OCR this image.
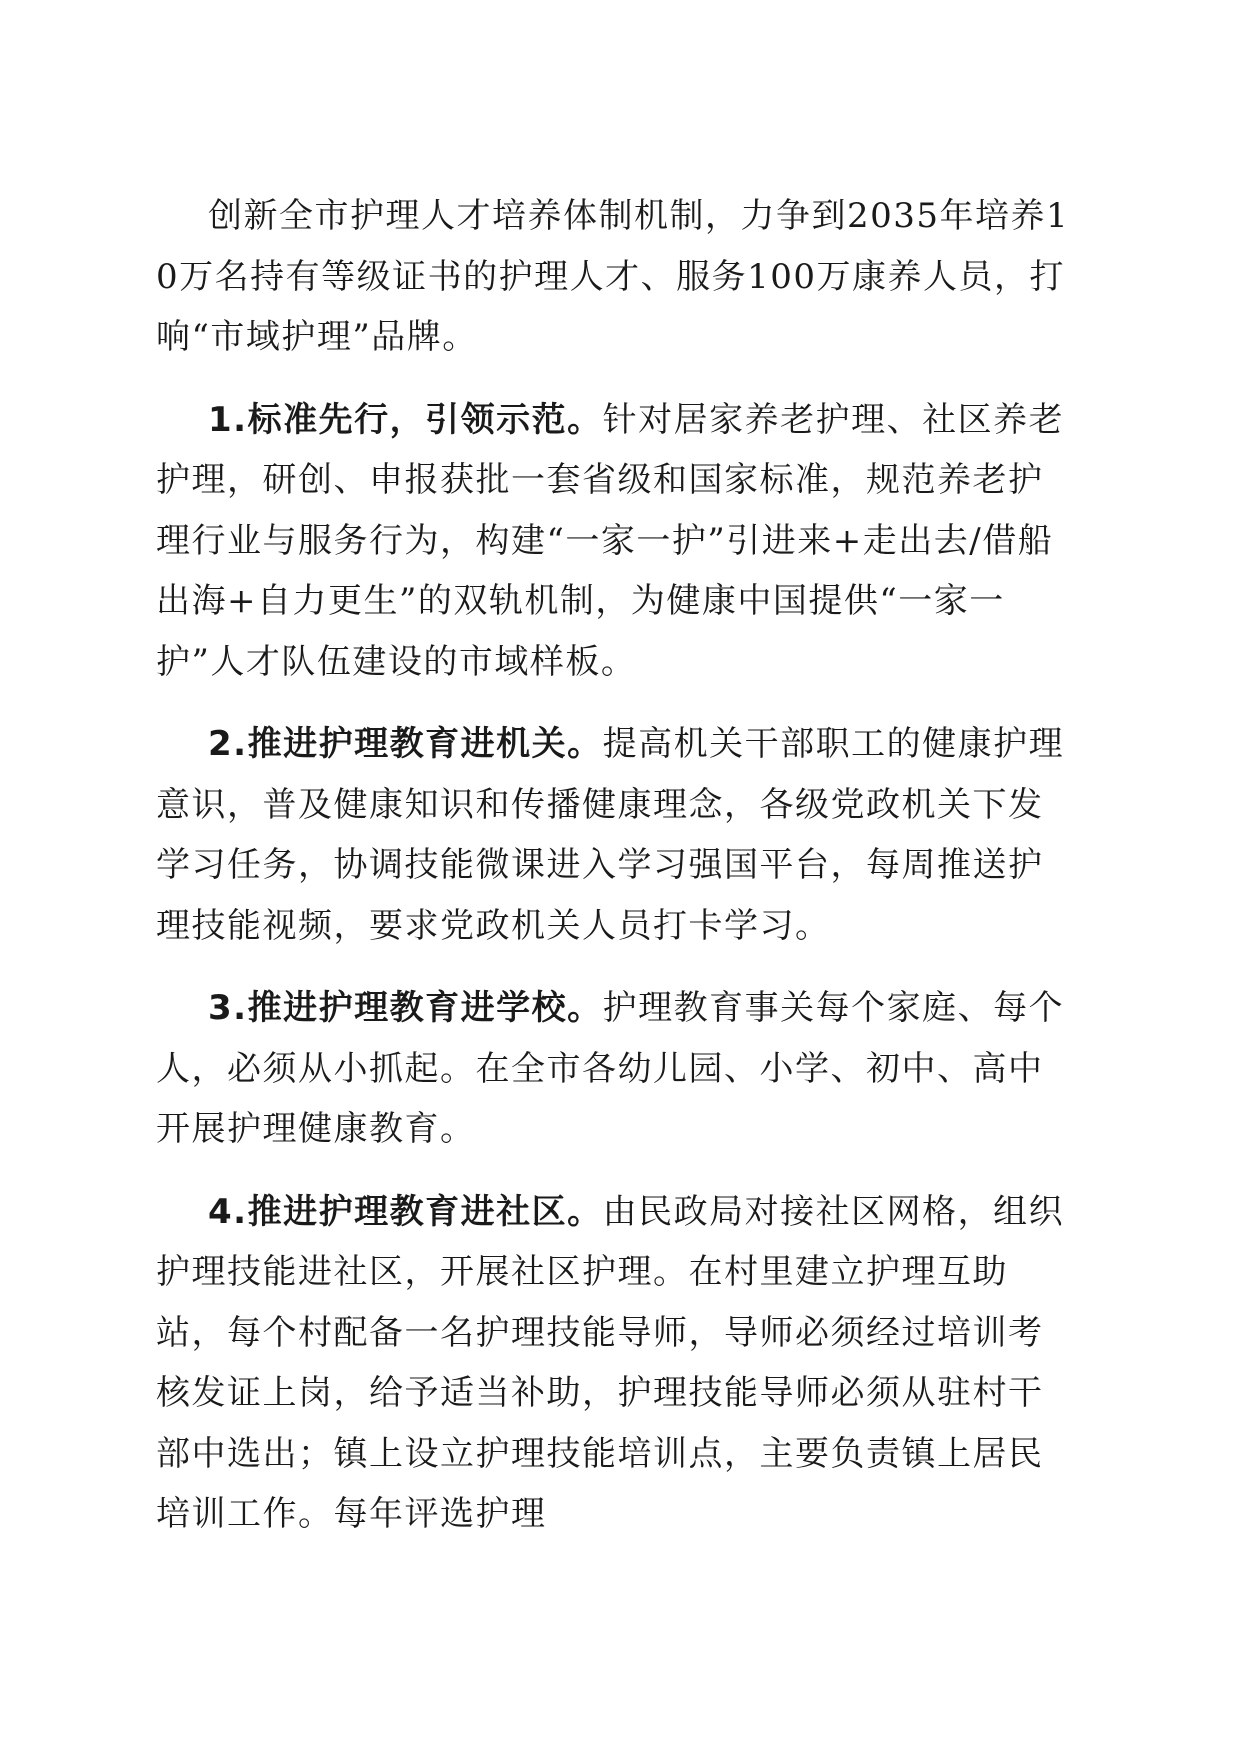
创新全市护理人才培养体制机制，力争到2035年培养10万名持有等级证书的护理人才、服务100万康养人员，打响“市域护理”品牌。

1.标准先行，引领示范。针对居家养老护理、社区养老护理，研创、申报获批一套省级和国家标准，规范养老护理行业与服务行为，构建“一家一护”引进来+走出去/借船出海+自力更生”的双轨机制，为健康中国提供“一家一护”人才队伍建设的市域样板。

2.推进护理教育进机关。提高机关干部职工的健康护理意识，普及健康知识和传播健康理念，各级党政机关下发学习任务，协调技能微课进入学习强国平台，每周推送护理技能视频，要求党政机关人员打卡学习。

3.推进护理教育进学校。护理教育事关每个家庭、每个人，必须从小抓起。在全市各幼儿园、小学、初中、高中开展护理健康教育。

4.推进护理教育进社区。由民政局对接社区网格，组织护理技能进社区，开展社区护理。在村里建立护理互助站，每个村配备一名护理技能导师，导师必须经过培训考核发证上岗，给予适当补助，护理技能导师必须从驻村干部中选出；镇上设立护理技能培训点，主要负责镇上居民培训工作。每年评选护理
